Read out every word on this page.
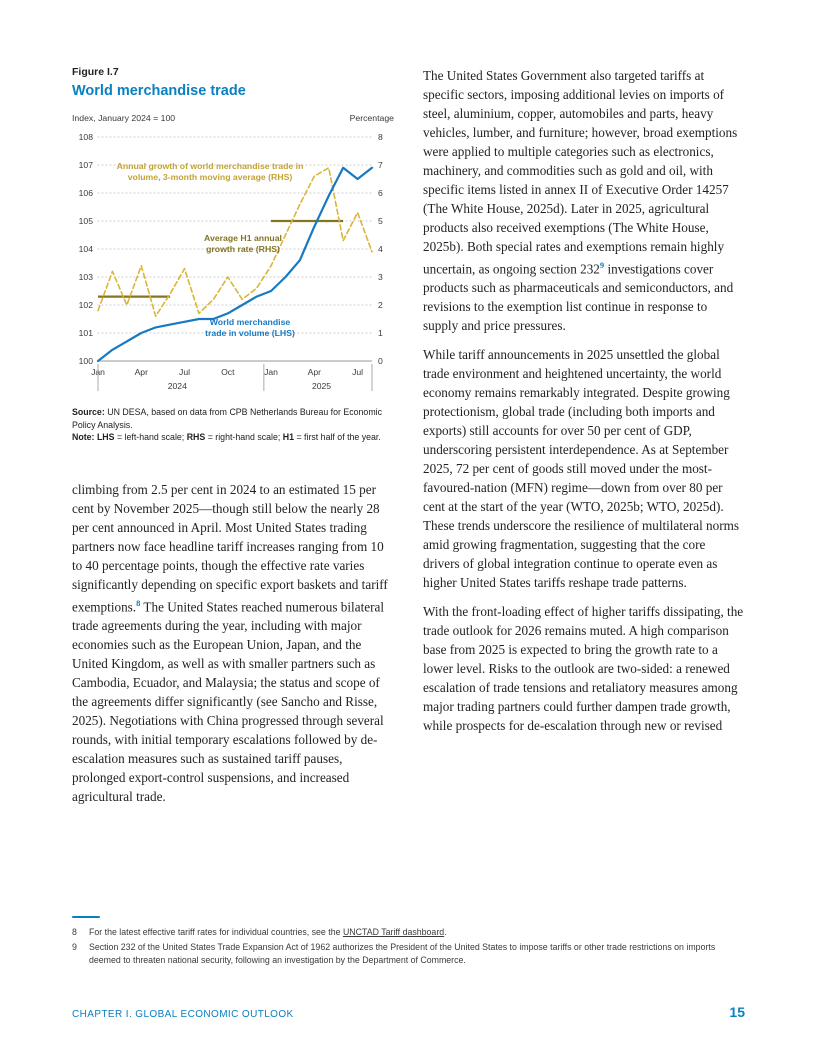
Figure I.7
World merchandise trade
Index, January 2024 = 100	Percentage
100	0
101	1
102	2
103	3
104	4
105	5
106	6
107	7
108	8
Jan	Apr	Jul	Oct	Jan	Apr	Jul
2024	2025
Annual growth of world merchandise trade in
volume, 3-month moving average (RHS)
Average H1 annual
growth rate (RHS)
World merchandise
trade in volume (LHS)

Source: UN DESA, based on data from CPB Netherlands Bureau for Economic Policy Analysis.

Note: LHS = left-hand scale; RHS = right-hand scale; H1 = first half of the year.

climbing from 2.5 per cent in 2024 to an estimated 15 per cent by November 2025—though still below the nearly 28 per cent announced in April. Most United States trading partners now face headline tariff increases ranging from 10 to 40 percentage points, though the effective rate varies significantly depending on specific export baskets and tariff exemptions.$^8$ The United States reached numerous bilateral trade agreements during the year, including with major economies such as the European Union, Japan, and the United Kingdom, as well as with smaller partners such as Cambodia, Ecuador, and Malaysia; the status and scope of the agreements differ significantly (see Sancho and Risse, 2025). Negotiations with China progressed through several rounds, with initial temporary escalations followed by de-escalation measures such as sustained tariff pauses, prolonged export-control suspensions, and increased agricultural trade.

The United States Government also targeted tariffs at specific sectors, imposing additional levies on imports of steel, aluminium, copper, automobiles and parts, heavy vehicles, lumber, and furniture; however, broad exemptions were applied to multiple categories such as electronics, machinery, and commodities such as gold and oil, with specific items listed in annex II of Executive Order 14257 (The White House, 2025d). Later in 2025, agricultural products also received exemptions (The White House, 2025b). Both special rates and exemptions remain highly uncertain, as ongoing section 232$^9$ investigations cover products such as pharmaceuticals and semiconductors, and revisions to the exemption list continue in response to supply and price pressures.

While tariff announcements in 2025 unsettled the global trade environment and heightened uncertainty, the world economy remains remarkably integrated. Despite growing protectionism, global trade (including both imports and exports) still accounts for over 50 per cent of GDP, underscoring persistent interdependence. As at September 2025, 72 per cent of goods still moved under the most-favoured-nation (MFN) regime—down from over 80 per cent at the start of the year (WTO, 2025b; WTO, 2025d). These trends underscore the resilience of multilateral norms amid growing fragmentation, suggesting that the core drivers of global integration continue to operate even as higher United States tariffs reshape trade patterns.

With the front-loading effect of higher tariffs dissipating, the trade outlook for 2026 remains muted. A high comparison base from 2025 is expected to bring the growth rate to a lower level. Risks to the outlook are two-sided: a renewed escalation of trade tensions and retaliatory measures among major trading partners could further dampen trade growth, while prospects for de-escalation through new or revised

8	For the latest effective tariff rates for individual countries, see the UNCTAD Tariff dashboard.
9	Section 232 of the United States Trade Expansion Act of 1962 authorizes the President of the United States to impose tariffs or other trade restrictions on imports deemed to threaten national security, following an investigation by the Department of Commerce.
CHAPTER I. GLOBAL ECONOMIC OUTLOOK	15
